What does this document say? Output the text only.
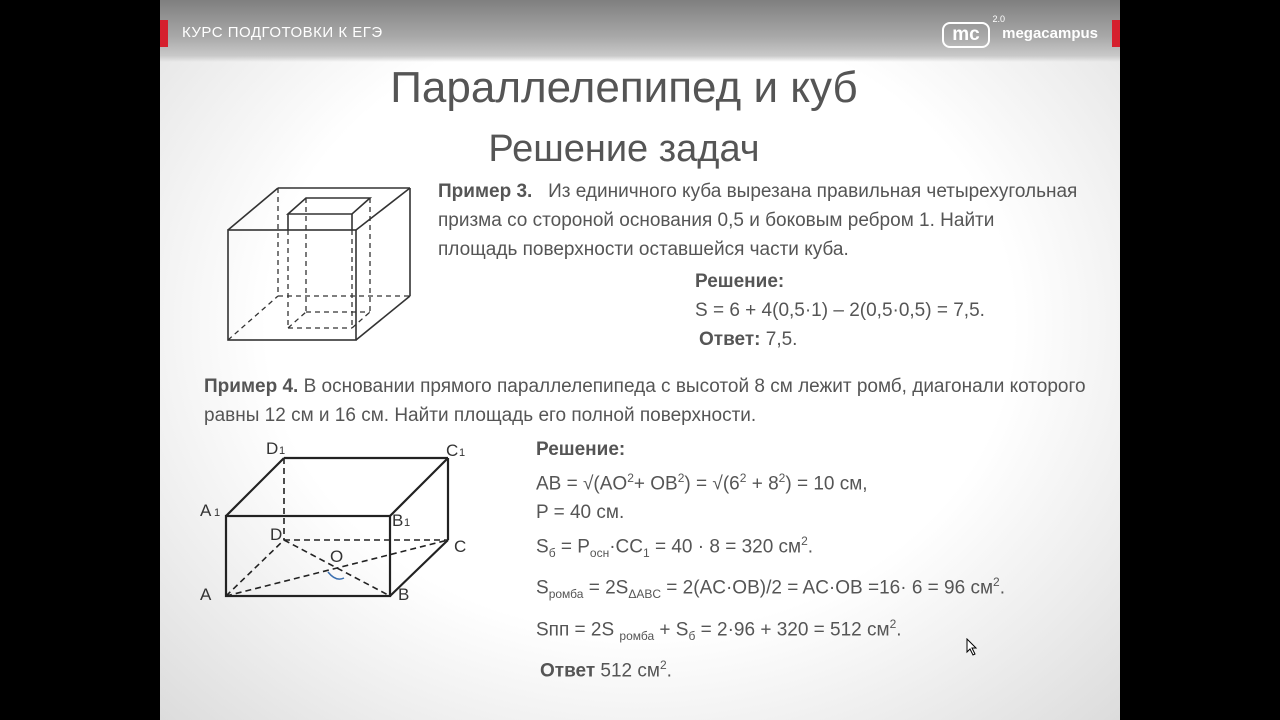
КУРС ПОДГОТОВКИ К ЕГЭ	mc
2.0
megacampus
Параллелепипед и куб
Решение задач
Пример 3. Из единичного куба вырезана правильная четырехугольная призма со стороной основания 0,5 и боковым ребром 1. Найти площадь поверхности оставшейся части куба.
Решение:
S = 6 + 4(0,5·1) – 2(0,5·0,5) = 7,5.
Ответ: 7,5.
Пример 4. В основании прямого параллелепипеда с высотой 8 см лежит ромб, диагонали которого равны 12 см и 16 см. Найти площадь его полной поверхности.
A	B
C
D
A 1	B 1
C 1
D 1
O
Решение:
AB = $√(AO^2+ OB^2) = √(6^2 + 8^2) = 10$ см,
P = 40 см.
$S_б = P_{осн}\cdot CC_1 = 40 \cdot 8 = 320$ $см^2$.
$S_{ромба} = 2S_{\Delta ABC} = 2(AC\cdot OB)/2 = AC\cdot OB =16\cdot 6 = 96$ $см^2$.
Sпп = 2S $_{ромба} + S_б = 2\cdot 96 + 320 = 512$ $см^2$.
Ответ 512 $см^2$.
